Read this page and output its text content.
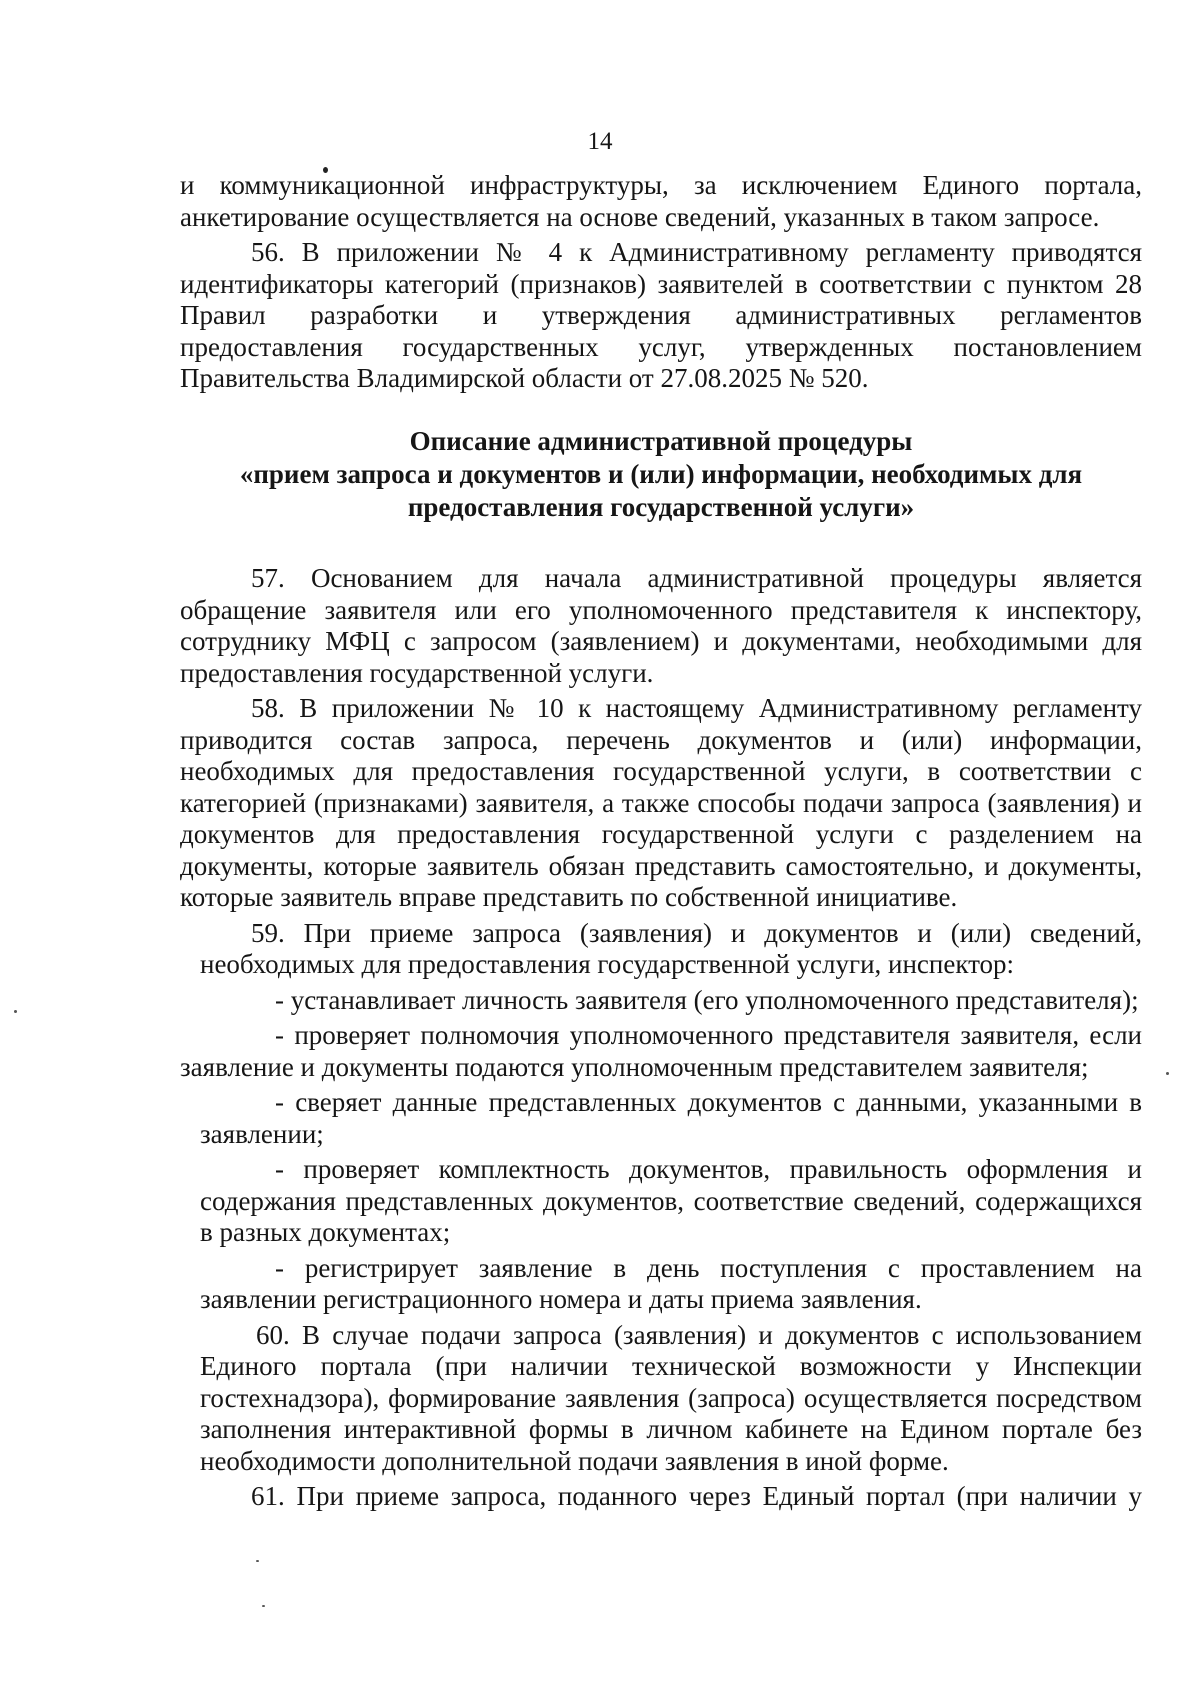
14

и коммуникационной инфраструктуры, за исключением Единого портала, анкетирование осуществляется на основе сведений, указанных в таком запросе.

56. В приложении № 4 к Административному регламенту приводятся идентификаторы категорий (признаков) заявителей в соответствии с пунктом 28 Правил разработки и утверждения административных регламентов предоставления государственных услуг, утвержденных постановлением Правительства Владимирской области от 27.08.2025 № 520.

Описание административной процедуры
«прием запроса и документов и (или) информации, необходимых для
предоставления государственной услуги»

57. Основанием для начала административной процедуры является обращение заявителя или его уполномоченного представителя к инспектору, сотруднику МФЦ с запросом (заявлением) и документами, необходимыми для предоставления государственной услуги.

58. В приложении № 10 к настоящему Административному регламенту приводится состав запроса, перечень документов и (или) информации, необходимых для предоставления государственной услуги, в соответствии с категорией (признаками) заявителя, а также способы подачи запроса (заявления) и документов для предоставления государственной услуги с разделением на документы, которые заявитель обязан представить самостоятельно, и документы, которые заявитель вправе представить по собственной инициативе.

59. При приеме запроса (заявления) и документов и (или) сведений, необходимых для предоставления государственной услуги, инспектор:

- устанавливает личность заявителя (его уполномоченного представителя);

- проверяет полномочия уполномоченного представителя заявителя, если заявление и документы подаются уполномоченным представителем заявителя;

- сверяет данные представленных документов с данными, указанными в заявлении;

- проверяет комплектность документов, правильность оформления и содержания представленных документов, соответствие сведений, содержащихся в разных документах;

- регистрирует заявление в день поступления с проставлением на заявлении регистрационного номера и даты приема заявления.

60. В случае подачи запроса (заявления) и документов с использованием Единого портала (при наличии технической возможности у Инспекции гостехнадзора), формирование заявления (запроса) осуществляется посредством заполнения интерактивной формы в личном кабинете на Едином портале без необходимости дополнительной подачи заявления в иной форме.

61. При приеме запроса, поданного через Единый портал (при наличии у
